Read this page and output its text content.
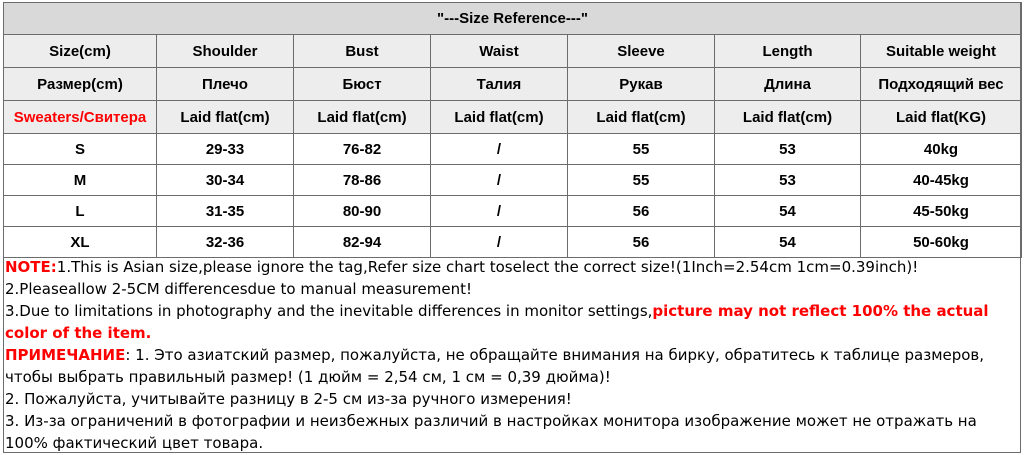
"---Size Reference---"						
Size(cm)	Shoulder	Bust	Waist	Sleeve	Length	Suitable weight
Размер(cm)	Плечо	Бюст	Талия	Рукав	Длина	Подходящий вес
Sweaters/Свитера	Laid flat(cm)	Laid flat(cm)	Laid flat(cm)	Laid flat(cm)	Laid flat(cm)	Laid flat(KG)
S	29-33	76-82	/	55	53	40kg
M	30-34	78-86	/	55	53	40-45kg
L	31-35	80-90	/	56	54	45-50kg
XL	32-36	82-94	/	56	54	50-60kg

NOTE:1.This is Asian size,please ignore the tag,Refer size chart toselect the correct size!(1Inch=2.54cm 1cm=0.39inch)!

2.Pleaseallow 2-5CM differencesdue to manual measurement!

3.Due to limitations in photography and the inevitable differences in monitor settings,picture may not reflect 100% the actual color of the item.

ПРИМЕЧАНИЕ: 1. Это азиатский размер, пожалуйста, не обращайте внимания на бирку, обратитесь к таблице размеров, чтобы выбрать правильный размер! (1 дюйм = 2,54 см, 1 см = 0,39 дюйма)!

2. Пожалуйста, учитывайте разницу в 2-5 см из-за ручного измерения!

3. Из-за ограничений в фотографии и неизбежных различий в настройках монитора изображение может не отражать на 100% фактический цвет товара.
